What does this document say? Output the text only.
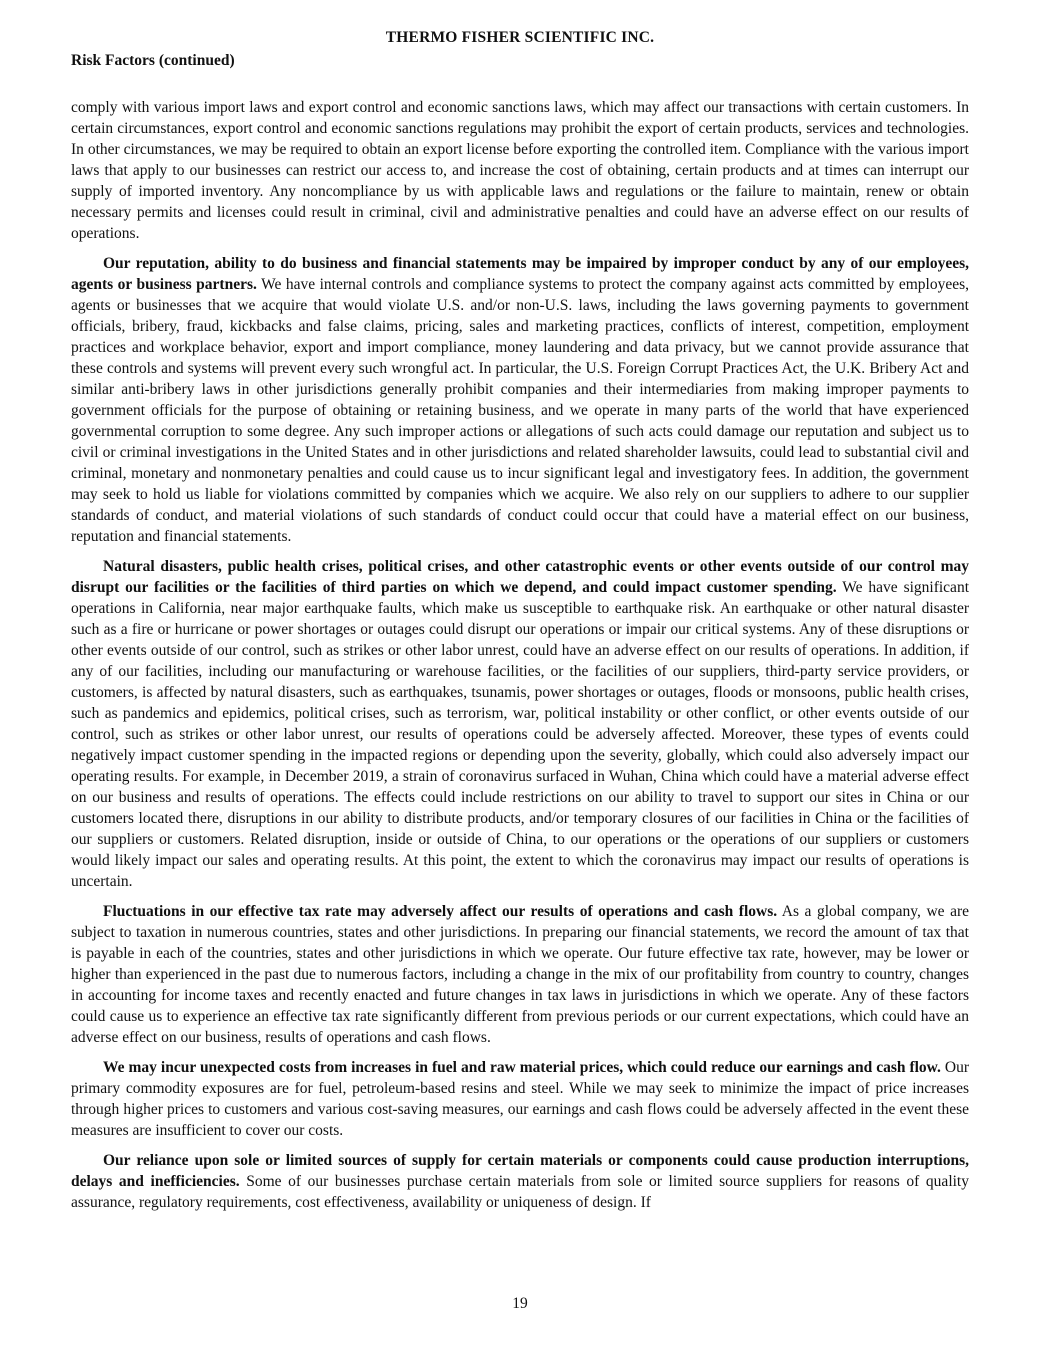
THERMO FISHER SCIENTIFIC INC.
Risk Factors (continued)

comply with various import laws and export control and economic sanctions laws, which may affect our transactions with certain customers. In certain circumstances, export control and economic sanctions regulations may prohibit the export of certain products, services and technologies. In other circumstances, we may be required to obtain an export license before exporting the controlled item. Compliance with the various import laws that apply to our businesses can restrict our access to, and increase the cost of obtaining, certain products and at times can interrupt our supply of imported inventory. Any noncompliance by us with applicable laws and regulations or the failure to maintain, renew or obtain necessary permits and licenses could result in criminal, civil and administrative penalties and could have an adverse effect on our results of operations.

Our reputation, ability to do business and financial statements may be impaired by improper conduct by any of our employees, agents or business partners. We have internal controls and compliance systems to protect the company against acts committed by employees, agents or businesses that we acquire that would violate U.S. and/or non-U.S. laws, including the laws governing payments to government officials, bribery, fraud, kickbacks and false claims, pricing, sales and marketing practices, conflicts of interest, competition, employment practices and workplace behavior, export and import compliance, money laundering and data privacy, but we cannot provide assurance that these controls and systems will prevent every such wrongful act. In particular, the U.S. Foreign Corrupt Practices Act, the U.K. Bribery Act and similar anti-bribery laws in other jurisdictions generally prohibit companies and their intermediaries from making improper payments to government officials for the purpose of obtaining or retaining business, and we operate in many parts of the world that have experienced governmental corruption to some degree. Any such improper actions or allegations of such acts could damage our reputation and subject us to civil or criminal investigations in the United States and in other jurisdictions and related shareholder lawsuits, could lead to substantial civil and criminal, monetary and nonmonetary penalties and could cause us to incur significant legal and investigatory fees. In addition, the government may seek to hold us liable for violations committed by companies which we acquire. We also rely on our suppliers to adhere to our supplier standards of conduct, and material violations of such standards of conduct could occur that could have a material effect on our business, reputation and financial statements.

Natural disasters, public health crises, political crises, and other catastrophic events or other events outside of our control may disrupt our facilities or the facilities of third parties on which we depend, and could impact customer spending. We have significant operations in California, near major earthquake faults, which make us susceptible to earthquake risk. An earthquake or other natural disaster such as a fire or hurricane or power shortages or outages could disrupt our operations or impair our critical systems. Any of these disruptions or other events outside of our control, such as strikes or other labor unrest, could have an adverse effect on our results of operations. In addition, if any of our facilities, including our manufacturing or warehouse facilities, or the facilities of our suppliers, third-party service providers, or customers, is affected by natural disasters, such as earthquakes, tsunamis, power shortages or outages, floods or monsoons, public health crises, such as pandemics and epidemics, political crises, such as terrorism, war, political instability or other conflict, or other events outside of our control, such as strikes or other labor unrest, our results of operations could be adversely affected. Moreover, these types of events could negatively impact customer spending in the impacted regions or depending upon the severity, globally, which could also adversely impact our operating results. For example, in December 2019, a strain of coronavirus surfaced in Wuhan, China which could have a material adverse effect on our business and results of operations. The effects could include restrictions on our ability to travel to support our sites in China or our customers located there, disruptions in our ability to distribute products, and/or temporary closures of our facilities in China or the facilities of our suppliers or customers. Related disruption, inside or outside of China, to our operations or the operations of our suppliers or customers would likely impact our sales and operating results. At this point, the extent to which the coronavirus may impact our results of operations is uncertain.

Fluctuations in our effective tax rate may adversely affect our results of operations and cash flows. As a global company, we are subject to taxation in numerous countries, states and other jurisdictions. In preparing our financial statements, we record the amount of tax that is payable in each of the countries, states and other jurisdictions in which we operate. Our future effective tax rate, however, may be lower or higher than experienced in the past due to numerous factors, including a change in the mix of our profitability from country to country, changes in accounting for income taxes and recently enacted and future changes in tax laws in jurisdictions in which we operate. Any of these factors could cause us to experience an effective tax rate significantly different from previous periods or our current expectations, which could have an adverse effect on our business, results of operations and cash flows.

We may incur unexpected costs from increases in fuel and raw material prices, which could reduce our earnings and cash flow. Our primary commodity exposures are for fuel, petroleum-based resins and steel. While we may seek to minimize the impact of price increases through higher prices to customers and various cost-saving measures, our earnings and cash flows could be adversely affected in the event these measures are insufficient to cover our costs.

Our reliance upon sole or limited sources of supply for certain materials or components could cause production interruptions, delays and inefficiencies. Some of our businesses purchase certain materials from sole or limited source suppliers for reasons of quality assurance, regulatory requirements, cost effectiveness, availability or uniqueness of design. If

19
